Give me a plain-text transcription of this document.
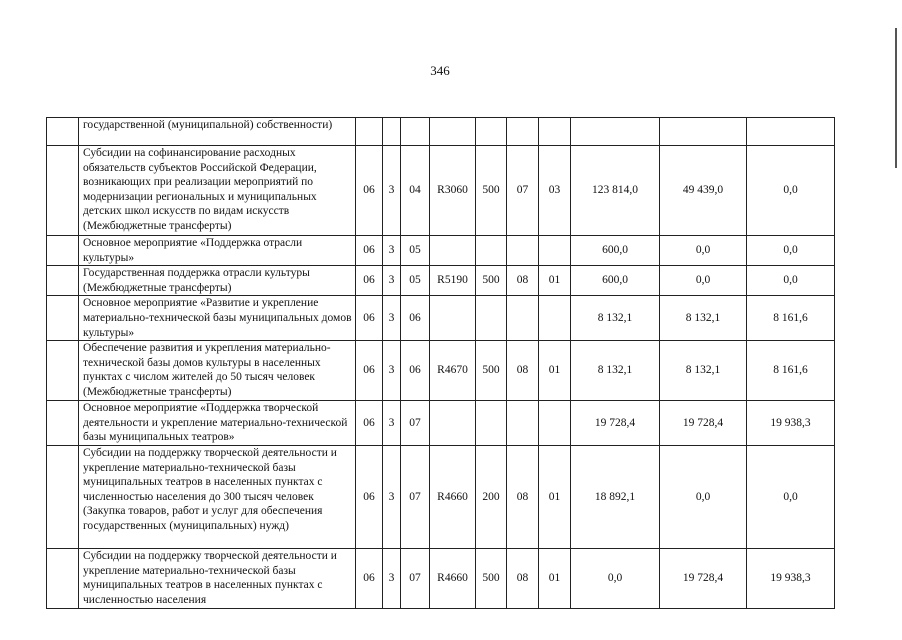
346
	государственной (муниципальной) собственности)										
	Субсидии на софинансирование расходных обязательств субъектов Российской Федерации, возникающих при реализации мероприятий по модернизации региональных и муниципальных детских школ искусств по видам искусств (Межбюджетные трансферты)	06	3	04	R3060	500	07	03	123 814,0	49 439,0	0,0
	Основное мероприятие «Поддержка отрасли культуры»	06	3	05					600,0	0,0	0,0
	Государственная поддержка отрасли культуры (Межбюджетные трансферты)	06	3	05	R5190	500	08	01	600,0	0,0	0,0
	Основное мероприятие «Развитие и укрепление материально-технической базы муниципальных домов культуры»	06	3	06					8 132,1	8 132,1	8 161,6
	Обеспечение развития и укрепления материально-технической базы домов культуры в населенных пунктах с числом жителей до 50 тысяч человек (Межбюджетные трансферты)	06	3	06	R4670	500	08	01	8 132,1	8 132,1	8 161,6
	Основное мероприятие «Поддержка творческой деятельности и укрепление материально-технической базы муниципальных театров»	06	3	07					19 728,4	19 728,4	19 938,3
	Субсидии на поддержку творческой деятельности и укрепление материально-технической базы муниципальных театров в населенных пунктах с численностью населения до 300 тысяч человек (Закупка товаров, работ и услуг для обеспечения государственных (муниципальных) нужд)	06	3	07	R4660	200	08	01	18 892,1	0,0	0,0
	Субсидии на поддержку творческой деятельности и укрепление материально-технической базы муниципальных театров в населенных пунктах с численностью населения	06	3	07	R4660	500	08	01	0,0	19 728,4	19 938,3
